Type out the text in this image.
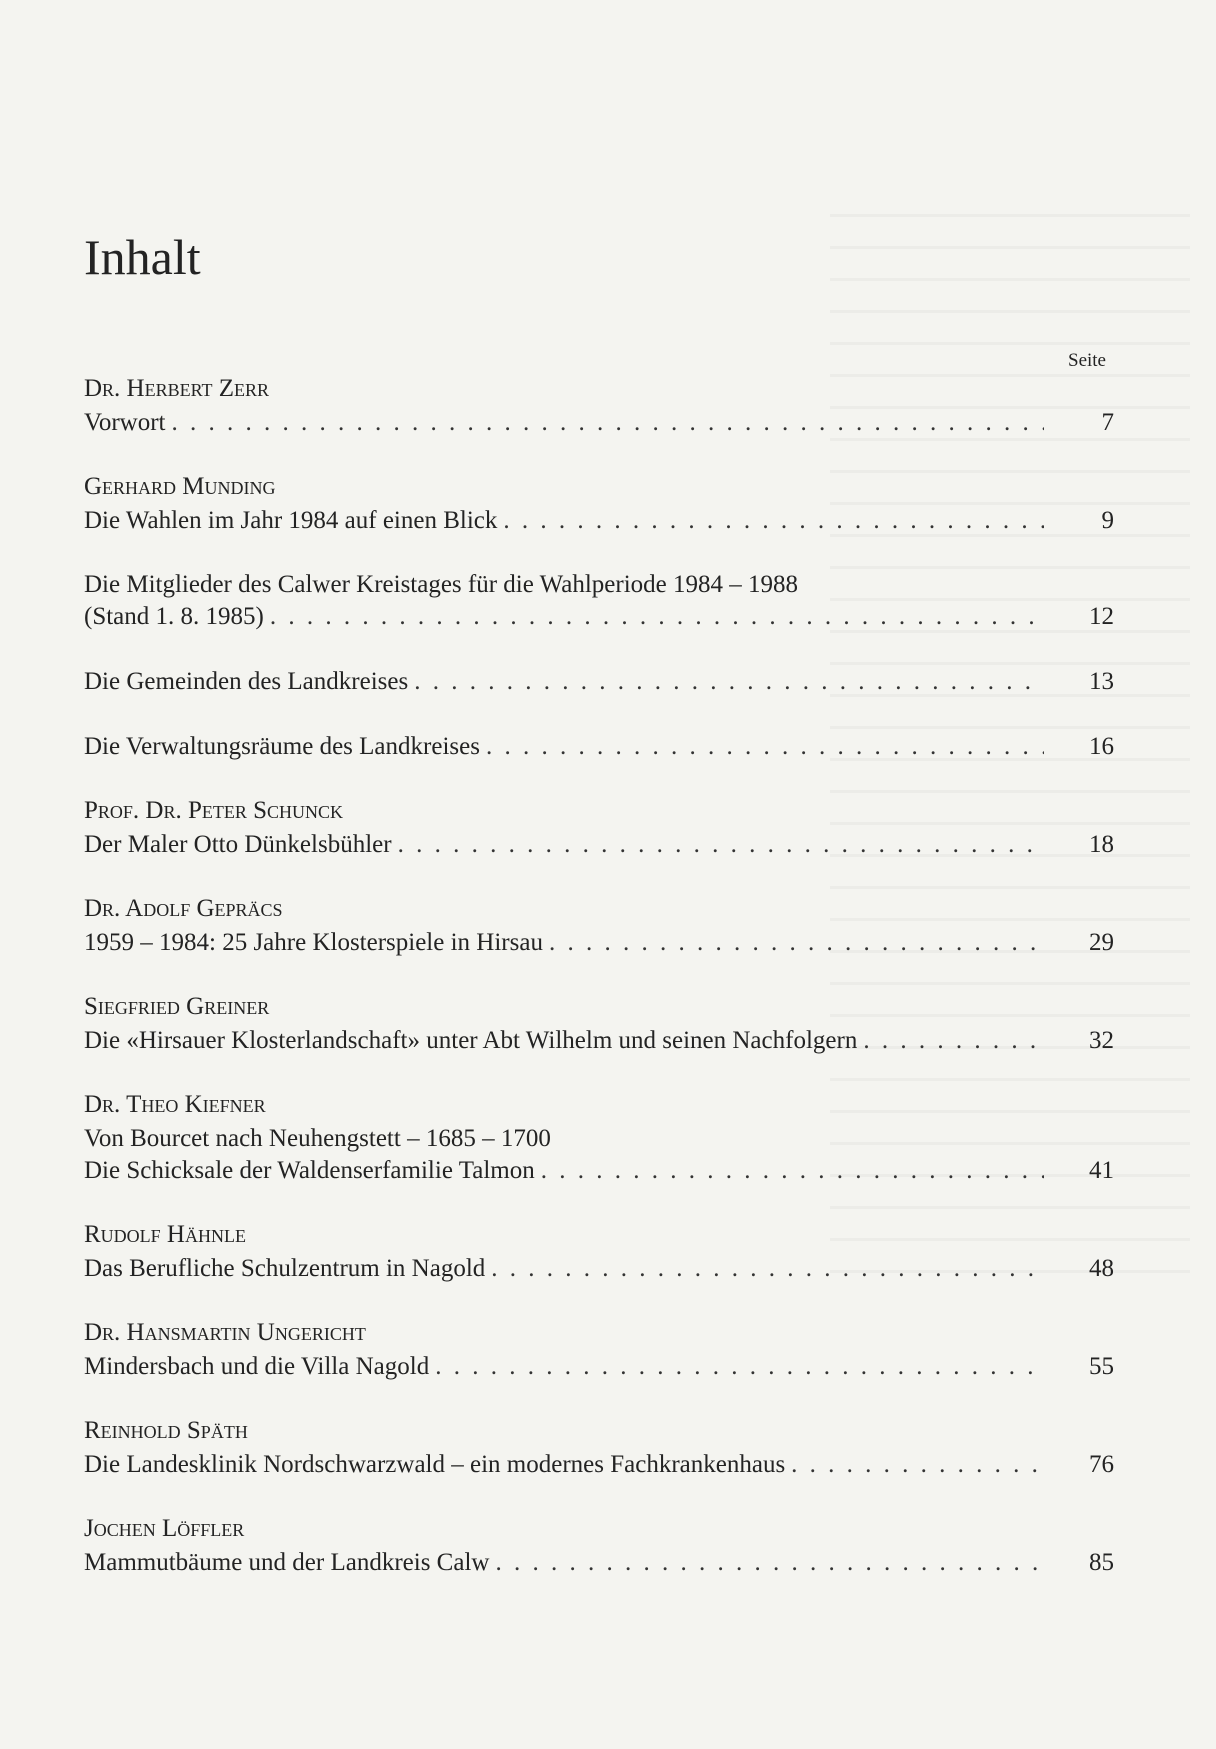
Inhalt
Seite
Dr. Herbert Zerr
Vorwort . . .	7
Gerhard Munding
Die Wahlen im Jahr 1984 auf einen Blick . . .	9
Die Mitglieder des Calwer Kreistages für die Wahlperiode 1984 – 1988
(Stand 1. 8. 1985) . . .	12
Die Gemeinden des Landkreises . . .	13
Die Verwaltungsräume des Landkreises . . .	16
Prof. Dr. Peter Schunck
Der Maler Otto Dünkelsbühler . . .	18
Dr. Adolf Gepräcs
1959 – 1984: 25 Jahre Klosterspiele in Hirsau . . .	29
Siegfried Greiner
Die «Hirsauer Klosterlandschaft» unter Abt Wilhelm und seinen Nachfolgern . . .	32
Dr. Theo Kiefner
Von Bourcet nach Neuhengstett – 1685 – 1700
Die Schicksale der Waldenserfamilie Talmon . . .	41
Rudolf Hähnle
Das Berufliche Schulzentrum in Nagold . . .	48
Dr. Hansmartin Ungericht
Mindersbach und die Villa Nagold . . .	55
Reinhold Späth
Die Landesklinik Nordschwarzwald – ein modernes Fachkrankenhaus . . .	76
Jochen Löffler
Mammutbäume und der Landkreis Calw . . .	85
